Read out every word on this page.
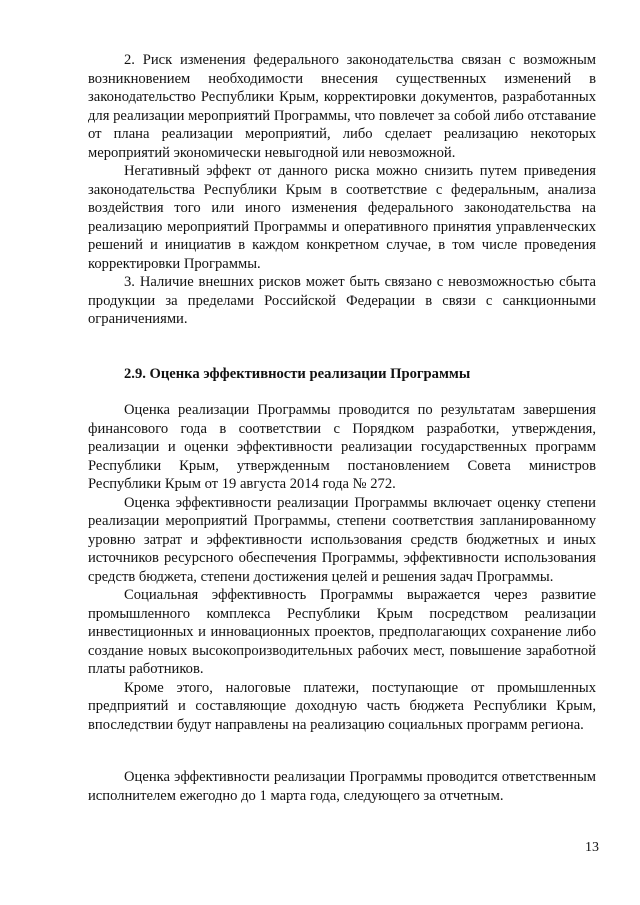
2. Риск изменения федерального законодательства связан с возможным возникновением необходимости внесения существенных изменений в законодательство Республики Крым, корректировки документов, разработанных для реализации мероприятий Программы, что повлечет за собой либо отставание от плана реализации мероприятий, либо сделает реализацию некоторых мероприятий экономически невыгодной или невозможной.

Негативный эффект от данного риска можно снизить путем приведения законодательства Республики Крым в соответствие с федеральным, анализа воздействия того или иного изменения федерального законодательства на реализацию мероприятий Программы и оперативного принятия управленческих решений и инициатив в каждом конкретном случае, в том числе проведения корректировки Программы.

3. Наличие внешних рисков может быть связано с невозможностью сбыта продукции за пределами Российской Федерации в связи с санкционными ограничениями.

2.9. Оценка эффективности реализации Программы

Оценка реализации Программы проводится по результатам завершения финансового года в соответствии с Порядком разработки, утверждения, реализации и оценки эффективности реализации государственных программ Республики Крым, утвержденным постановлением Совета министров Республики Крым от 19 августа 2014 года № 272.

Оценка эффективности реализации Программы включает оценку степени реализации мероприятий Программы, степени соответствия запланированному уровню затрат и эффективности использования средств бюджетных и иных источников ресурсного обеспечения Программы, эффективности использования средств бюджета, степени достижения целей и решения задач Программы.

Социальная эффективность Программы выражается через развитие промышленного комплекса Республики Крым посредством реализации инвестиционных и инновационных проектов, предполагающих сохранение либо создание новых высокопроизводительных рабочих мест, повышение заработной платы работников.

Кроме этого, налоговые платежи, поступающие от промышленных предприятий и составляющие доходную часть бюджета Республики Крым, впоследствии будут направлены на реализацию социальных программ региона.

Оценка эффективности реализации Программы проводится ответственным исполнителем ежегодно до 1 марта года, следующего за отчетным.

13
